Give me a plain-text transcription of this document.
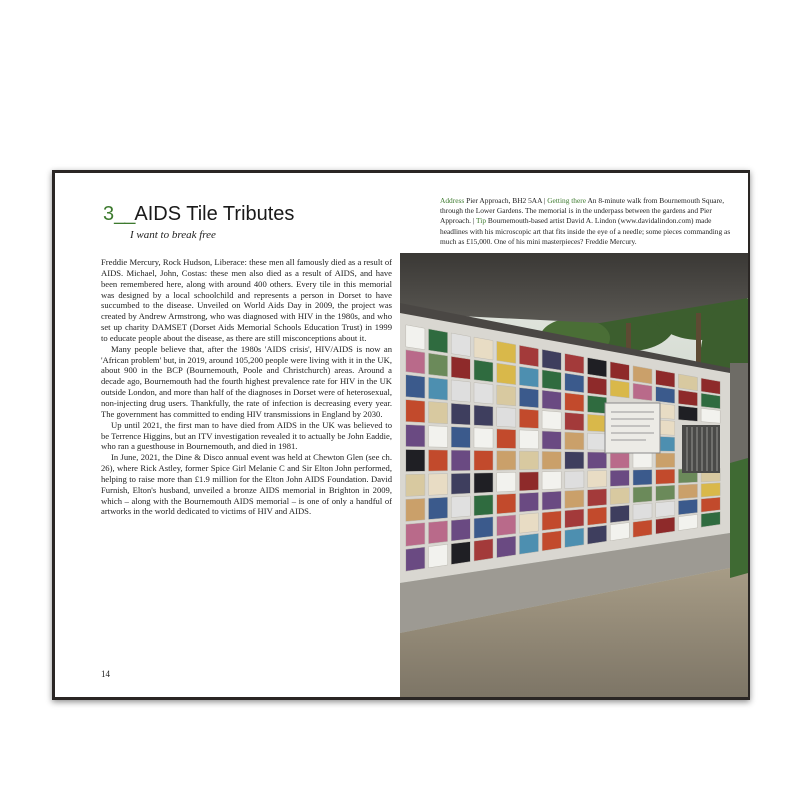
3__AIDS Tile Tributes
I want to break free

Freddie Mercury, Rock Hudson, Liberace: these men all famously died as a result of AIDS. Michael, John, Costas: these men also died as a result of AIDS, and have been remembered here, along with around 400 others. Every tile in this memorial was designed by a local schoolchild and represents a person in Dorset to have succumbed to the disease. Unveiled on World Aids Day in 2009, the project was created by Andrew Armstrong, who was diagnosed with HIV in the 1980s, and who set up charity DAMSET (Dorset Aids Memorial Schools Education Trust) in 1999 to educate people about the disease, as there are still misconceptions about it.

Many people believe that, after the 1980s 'AIDS crisis', HIV/AIDS is now an 'African problem' but, in 2019, around 105,200 people were living with it in the UK, about 900 in the BCP (Bournemouth, Poole and Christchurch) areas. Around a decade ago, Bournemouth had the fourth highest prevalence rate for HIV in the UK outside London, and more than half of the diagnoses in Dorset were of heterosexual, non-injecting drug users. Thankfully, the rate of infection is decreasing every year. The government has committed to ending HIV transmissions in England by 2030.

Up until 2021, the first man to have died from AIDS in the UK was believed to be Terrence Higgins, but an ITV investigation revealed it to actually be John Eaddie, who ran a guesthouse in Bournemouth, and died in 1981.

In June, 2021, the Dine & Disco annual event was held at Chewton Glen (see ch. 26), where Rick Astley, former Spice Girl Melanie C and Sir Elton John performed, helping to raise more than £1.9 million for the Elton John AIDS Foundation. David Furnish, Elton's husband, unveiled a bronze AIDS memorial in Brighton in 2009, which – along with the Bournemouth AIDS memorial – is one of only a handful of artworks in the world dedicated to victims of HIV and AIDS.

14
Address Pier Approach, BH2 5AA | Getting there An 8-minute walk from Bournemouth Square, through the Lower Gardens. The memorial is in the underpass between the gardens and Pier Approach. | Tip Bournemouth-based artist David A. Lindon (www.davidalindon.com) made headlines with his microscopic art that fits inside the eye of a needle; some pieces commanding as much as £15,000. One of his mini masterpieces? Freddie Mercury.
